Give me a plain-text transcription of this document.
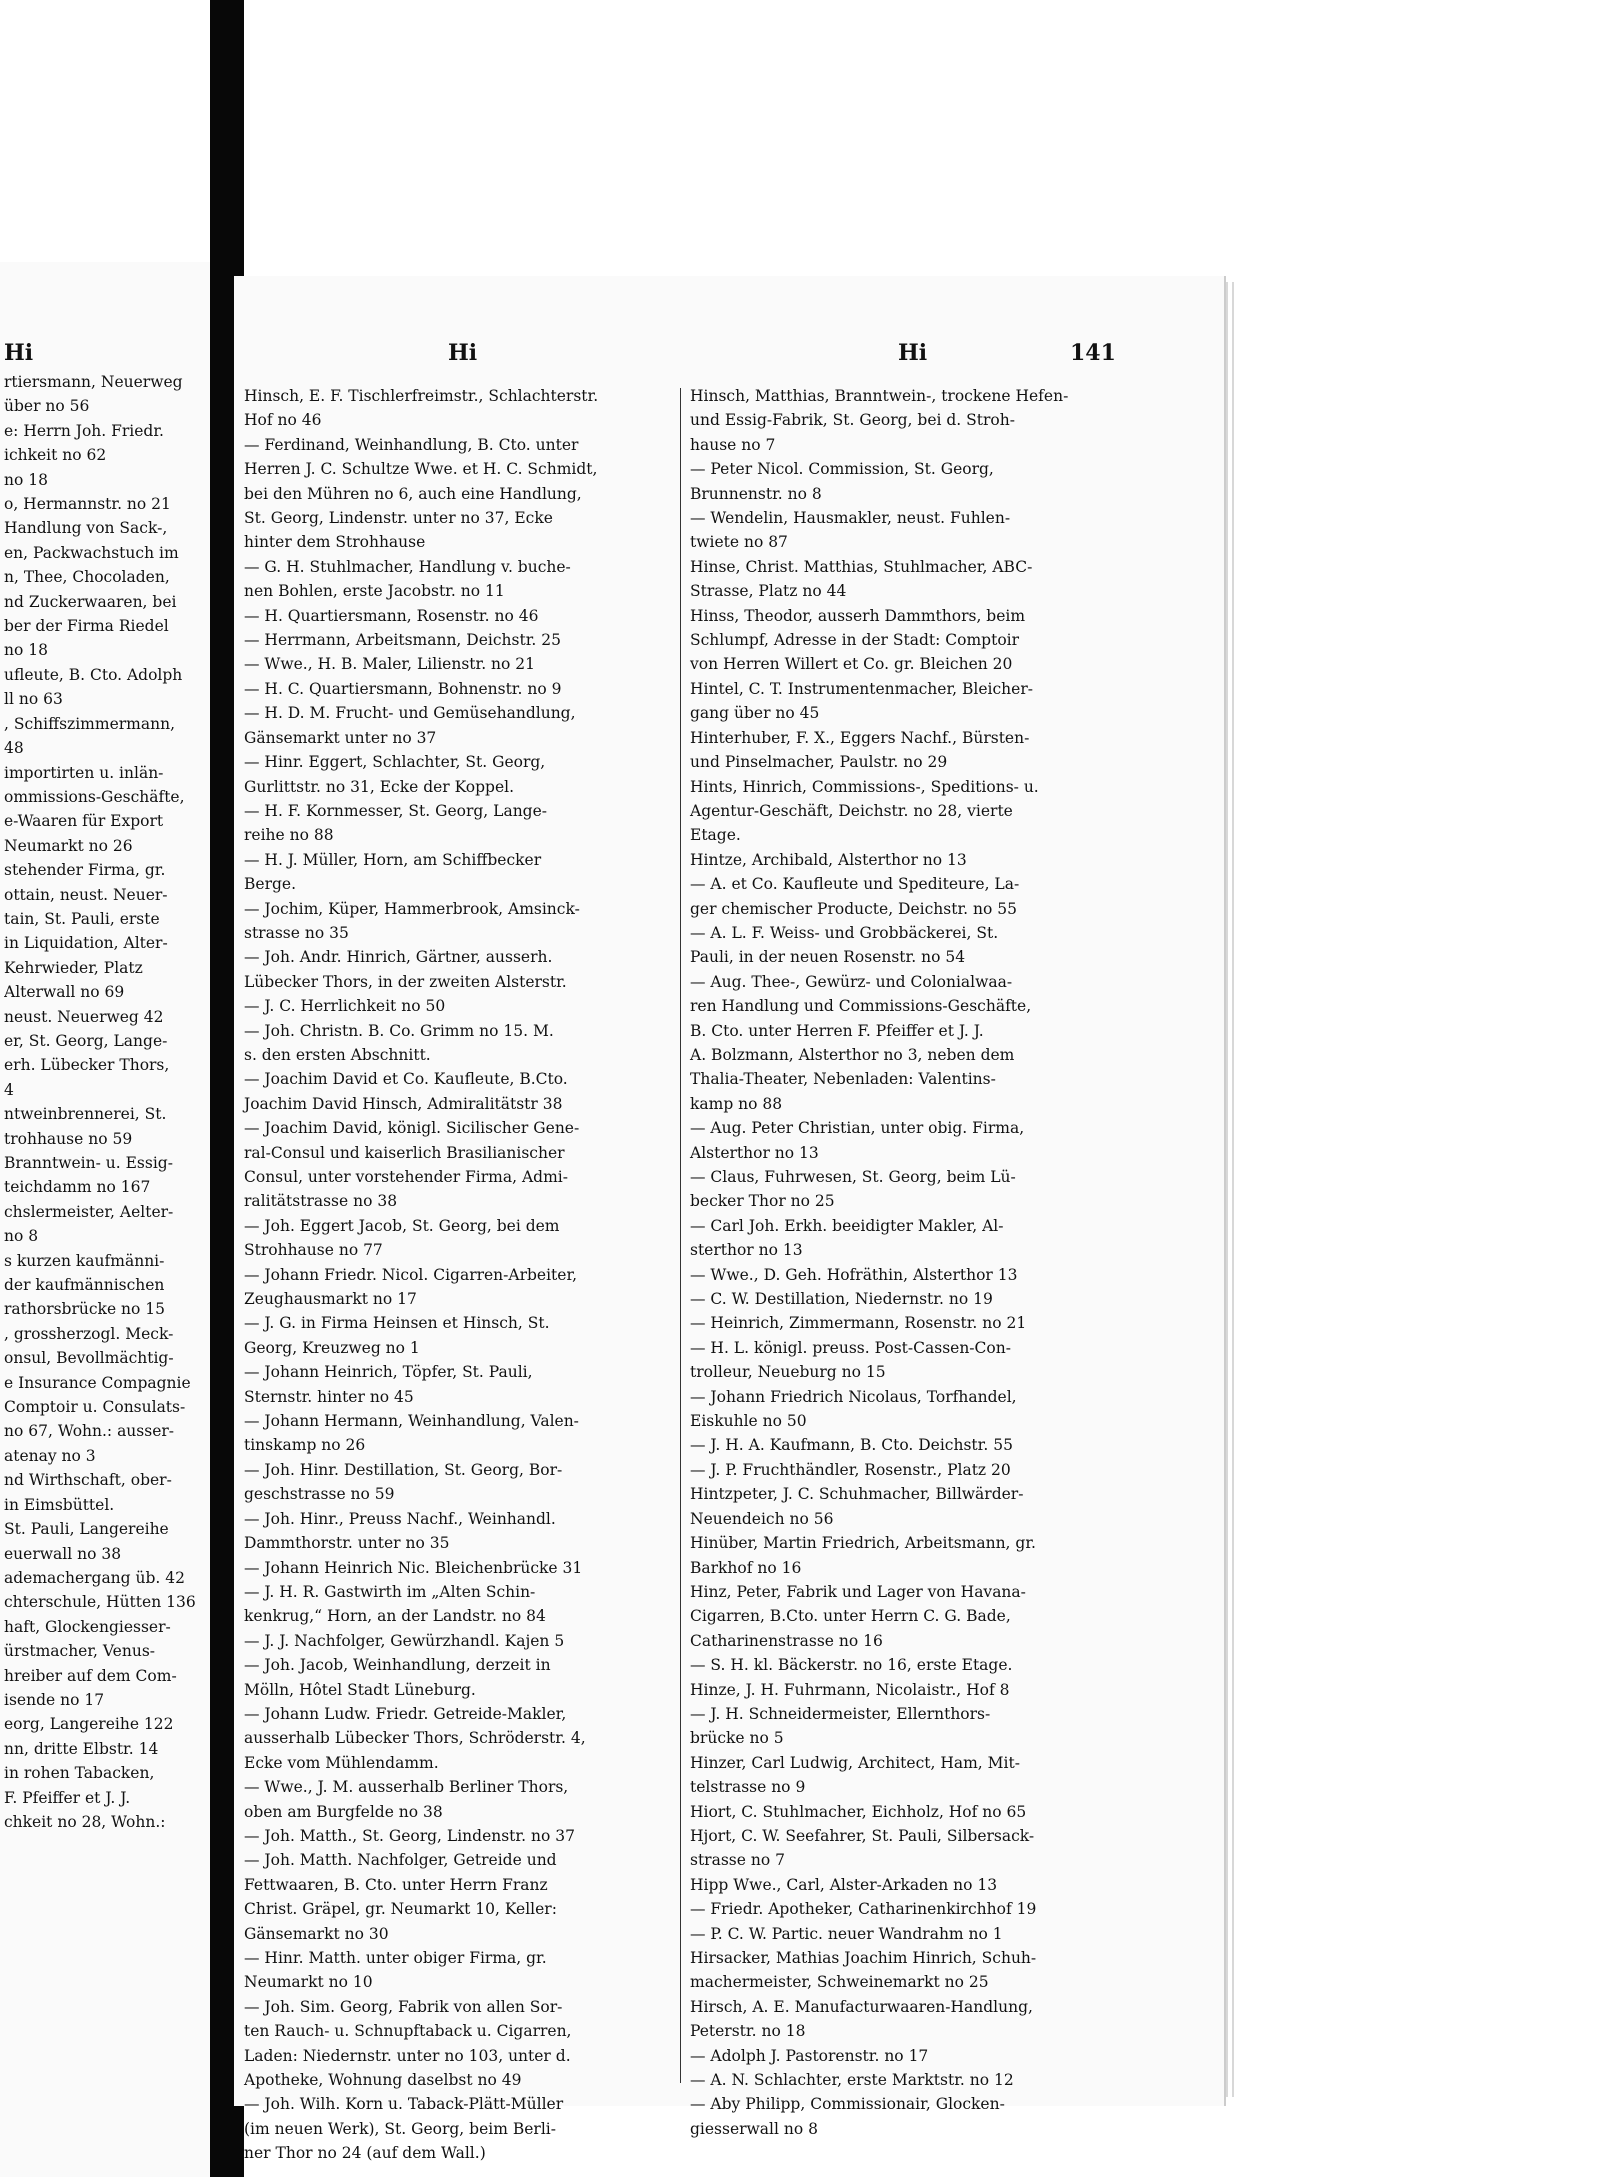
Hi	Hi	Hi	141

rtiersmann, Neuerweg

über no 56

e: Herrn Joh. Friedr.

ichkeit no 62

no 18

o, Hermannstr. no 21

Handlung von Sack-,

en, Packwachstuch im

n, Thee, Chocoladen,

nd Zuckerwaaren, bei

ber der Firma Riedel

no 18

ufleute, B. Cto. Adolph

ll no 63

, Schiffszimmermann,

48

importirten u. inlän-

ommissions-Geschäfte,

e-Waaren für Export

Neumarkt no 26

stehender Firma, gr.

ottain, neust. Neuer-

tain, St. Pauli, erste

in Liquidation, Alter-

Kehrwieder, Platz

Alterwall no 69

neust. Neuerweg 42

er, St. Georg, Lange-

erh. Lübecker Thors,

4

ntweinbrennerei, St.

trohhause no 59

Branntwein- u. Essig-

teichdamm no 167

chslermeister, Aelter-

no 8

s kurzen kaufmänni-

der kaufmännischen

rathorsbrücke no 15

, grossherzogl. Meck-

onsul, Bevollmächtig-

e Insurance Compagnie

Comptoir u. Consulats-

no 67, Wohn.: ausser-

atenay no 3

nd Wirthschaft, ober-

in Eimsbüttel.

St. Pauli, Langereihe

euerwall no 38

ademachergang üb. 42

chterschule, Hütten 136

haft, Glockengiesser-

ürstmacher, Venus-

hreiber auf dem Com-

isende no 17

eorg, Langereihe 122

nn, dritte Elbstr. 14

in rohen Tabacken,

F. Pfeiffer et J. J.

chkeit no 28, Wohn.:

Hinsch, E. F. Tischlerfreimstr., Schlachterstr.

Hof no 46

— Ferdinand, Weinhandlung, B. Cto. unter

Herren J. C. Schultze Wwe. et H. C. Schmidt,

bei den Mühren no 6, auch eine Handlung,

St. Georg, Lindenstr. unter no 37, Ecke

hinter dem Strohhause

— G. H. Stuhlmacher, Handlung v. buche-

nen Bohlen, erste Jacobstr. no 11

— H. Quartiersmann, Rosenstr. no 46

— Herrmann, Arbeitsmann, Deichstr. 25

— Wwe., H. B. Maler, Lilienstr. no 21

— H. C. Quartiersmann, Bohnenstr. no 9

— H. D. M. Frucht- und Gemüsehandlung,

Gänsemarkt unter no 37

— Hinr. Eggert, Schlachter, St. Georg,

Gurlittstr. no 31, Ecke der Koppel.

— H. F. Kornmesser, St. Georg, Lange-

reihe no 88

— H. J. Müller, Horn, am Schiffbecker

Berge.

— Jochim, Küper, Hammerbrook, Amsinck-

strasse no 35

— Joh. Andr. Hinrich, Gärtner, ausserh.

Lübecker Thors, in der zweiten Alsterstr.

— J. C. Herrlichkeit no 50

— Joh. Christn. B. Co. Grimm no 15. M.

s. den ersten Abschnitt.

— Joachim David et Co. Kaufleute, B.Cto.

Joachim David Hinsch, Admiralitätstr 38

— Joachim David, königl. Sicilischer Gene-

ral-Consul und kaiserlich Brasilianischer

Consul, unter vorstehender Firma, Admi-

ralitätstrasse no 38

— Joh. Eggert Jacob, St. Georg, bei dem

Strohhause no 77

— Johann Friedr. Nicol. Cigarren-Arbeiter,

Zeughausmarkt no 17

— J. G. in Firma Heinsen et Hinsch, St.

Georg, Kreuzweg no 1

— Johann Heinrich, Töpfer, St. Pauli,

Sternstr. hinter no 45

— Johann Hermann, Weinhandlung, Valen-

tinskamp no 26

— Joh. Hinr. Destillation, St. Georg, Bor-

geschstrasse no 59

— Joh. Hinr., Preuss Nachf., Weinhandl.

Dammthorstr. unter no 35

— Johann Heinrich Nic. Bleichenbrücke 31

— J. H. R. Gastwirth im „Alten Schin-

kenkrug,“ Horn, an der Landstr. no 84

— J. J. Nachfolger, Gewürzhandl. Kajen 5

— Joh. Jacob, Weinhandlung, derzeit in

Mölln, Hôtel Stadt Lüneburg.

— Johann Ludw. Friedr. Getreide-Makler,

ausserhalb Lübecker Thors, Schröderstr. 4,

Ecke vom Mühlendamm.

— Wwe., J. M. ausserhalb Berliner Thors,

oben am Burgfelde no 38

— Joh. Matth., St. Georg, Lindenstr. no 37

— Joh. Matth. Nachfolger, Getreide und

Fettwaaren, B. Cto. unter Herrn Franz

Christ. Gräpel, gr. Neumarkt 10, Keller:

Gänsemarkt no 30

— Hinr. Matth. unter obiger Firma, gr.

Neumarkt no 10

— Joh. Sim. Georg, Fabrik von allen Sor-

ten Rauch- u. Schnupftaback u. Cigarren,

Laden: Niedernstr. unter no 103, unter d.

Apotheke, Wohnung daselbst no 49

— Joh. Wilh. Korn u. Taback-Plätt-Müller

(im neuen Werk), St. Georg, beim Berli-

ner Thor no 24 (auf dem Wall.)

Hinsch, Matthias, Branntwein-, trockene Hefen-

und Essig-Fabrik, St. Georg, bei d. Stroh-

hause no 7

— Peter Nicol. Commission, St. Georg,

Brunnenstr. no 8

— Wendelin, Hausmakler, neust. Fuhlen-

twiete no 87

Hinse, Christ. Matthias, Stuhlmacher, ABC-

Strasse, Platz no 44

Hinss, Theodor, ausserh Dammthors, beim

Schlumpf, Adresse in der Stadt: Comptoir

von Herren Willert et Co. gr. Bleichen 20

Hintel, C. T. Instrumentenmacher, Bleicher-

gang über no 45

Hinterhuber, F. X., Eggers Nachf., Bürsten-

und Pinselmacher, Paulstr. no 29

Hints, Hinrich, Commissions-, Speditions- u.

Agentur-Geschäft, Deichstr. no 28, vierte

Etage.

Hintze, Archibald, Alsterthor no 13

— A. et Co. Kaufleute und Spediteure, La-

ger chemischer Producte, Deichstr. no 55

— A. L. F. Weiss- und Grobbäckerei, St.

Pauli, in der neuen Rosenstr. no 54

— Aug. Thee-, Gewürz- und Colonialwaa-

ren Handlung und Commissions-Geschäfte,

B. Cto. unter Herren F. Pfeiffer et J. J.

A. Bolzmann, Alsterthor no 3, neben dem

Thalia-Theater, Nebenladen: Valentins-

kamp no 88

— Aug. Peter Christian, unter obig. Firma,

Alsterthor no 13

— Claus, Fuhrwesen, St. Georg, beim Lü-

becker Thor no 25

— Carl Joh. Erkh. beeidigter Makler, Al-

sterthor no 13

— Wwe., D. Geh. Hofräthin, Alsterthor 13

— C. W. Destillation, Niedernstr. no 19

— Heinrich, Zimmermann, Rosenstr. no 21

— H. L. königl. preuss. Post-Cassen-Con-

trolleur, Neueburg no 15

— Johann Friedrich Nicolaus, Torfhandel,

Eiskuhle no 50

— J. H. A. Kaufmann, B. Cto. Deichstr. 55

— J. P. Fruchthändler, Rosenstr., Platz 20

Hintzpeter, J. C. Schuhmacher, Billwärder-

Neuendeich no 56

Hinüber, Martin Friedrich, Arbeitsmann, gr.

Barkhof no 16

Hinz, Peter, Fabrik und Lager von Havana-

Cigarren, B.Cto. unter Herrn C. G. Bade,

Catharinenstrasse no 16

— S. H. kl. Bäckerstr. no 16, erste Etage.

Hinze, J. H. Fuhrmann, Nicolaistr., Hof 8

— J. H. Schneidermeister, Ellernthors-

brücke no 5

Hinzer, Carl Ludwig, Architect, Ham, Mit-

telstrasse no 9

Hiort, C. Stuhlmacher, Eichholz, Hof no 65

Hjort, C. W. Seefahrer, St. Pauli, Silbersack-

strasse no 7

Hipp Wwe., Carl, Alster-Arkaden no 13

— Friedr. Apotheker, Catharinenkirchhof 19

— P. C. W. Partic. neuer Wandrahm no 1

Hirsacker, Mathias Joachim Hinrich, Schuh-

machermeister, Schweinemarkt no 25

Hirsch, A. E. Manufacturwaaren-Handlung,

Peterstr. no 18

— Adolph J. Pastorenstr. no 17

— A. N. Schlachter, erste Marktstr. no 12

— Aby Philipp, Commissionair, Glocken-

giesserwall no 8
